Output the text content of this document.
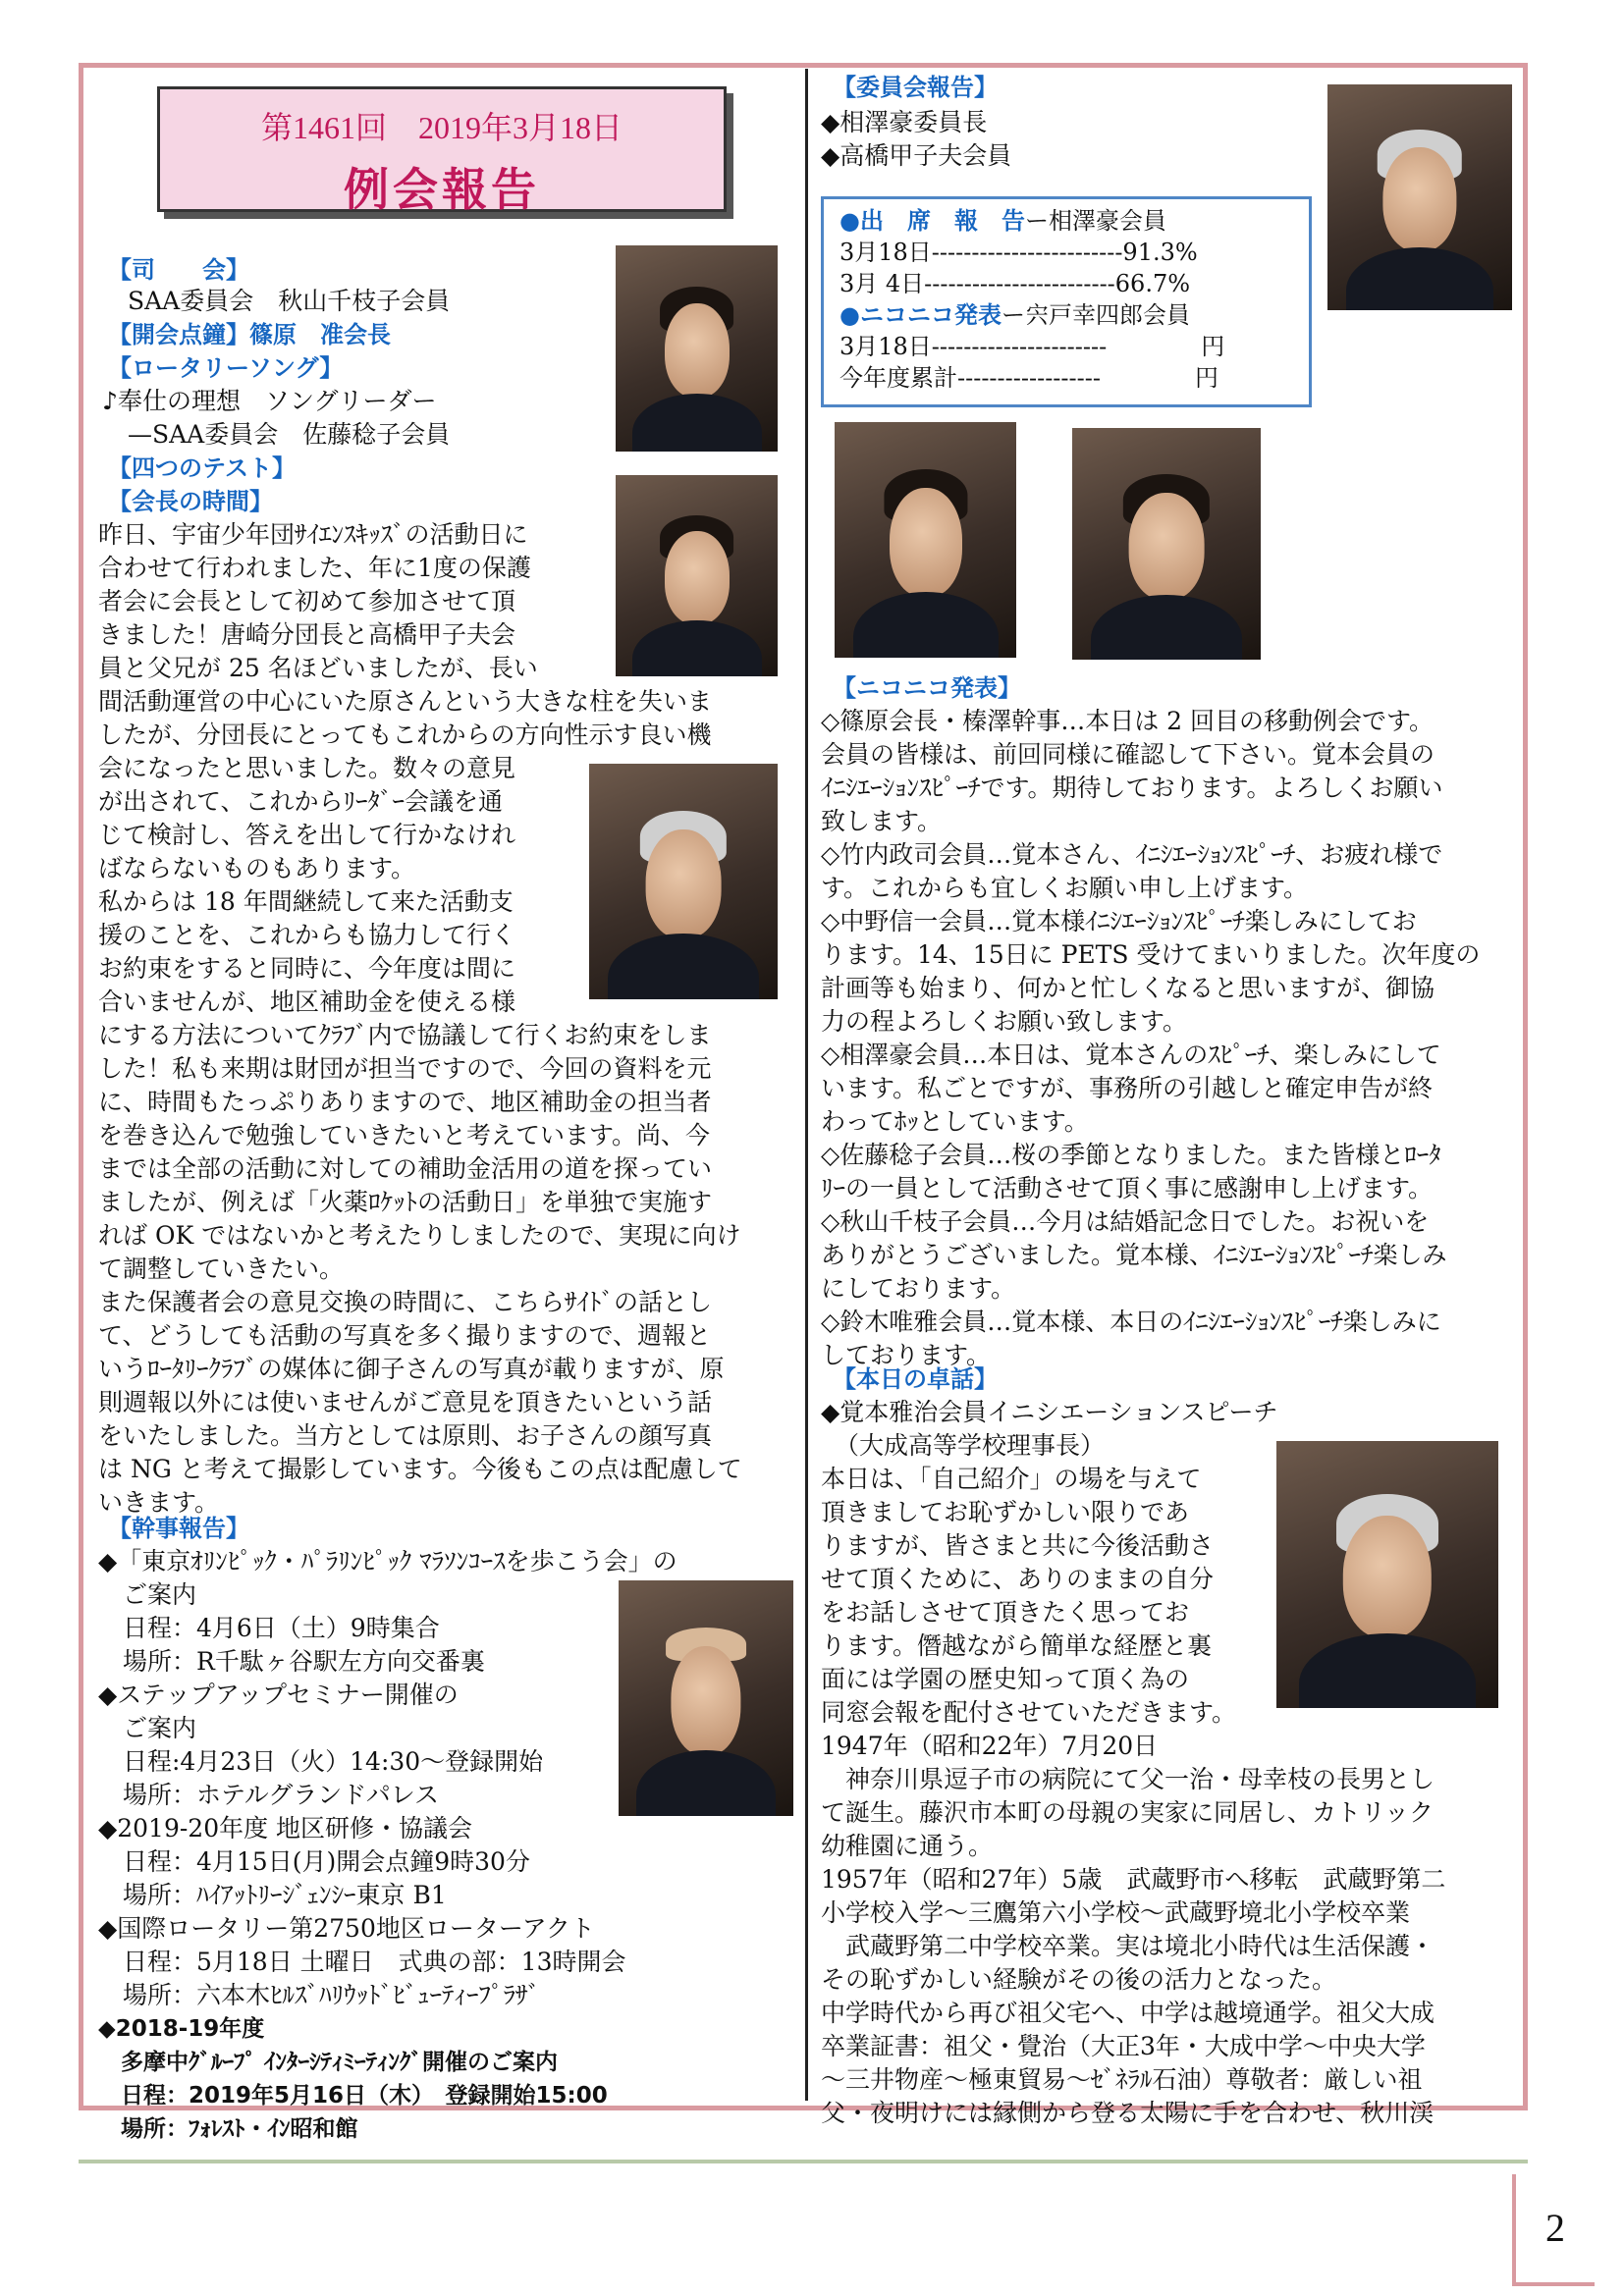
第1461回　2019年3月18日
例会報告
【司　　会】
SAA委員会　秋山千枝子会員
【開会点鐘】篠原　准会長
【ロータリーソング】
♪奉仕の理想　ソングリーダー
—SAA委員会　佐藤稔子会員
【四つのテスト】
【会長の時間】
昨日、宇宙少年団ｻｲｴﾝｽｷｯｽﾞの活動日に
合わせて行われました、年に1度の保護
者会に会長として初めて参加させて頂
きました！唐崎分団長と高橋甲子夫会
員と父兄が 25 名ほどいましたが、長い
間活動運営の中心にいた原さんという大きな柱を失いま
したが、分団長にとってもこれからの方向性示す良い機
会になったと思いました。数々の意見
が出されて、これからﾘｰﾀﾞｰ会議を通
じて検討し、答えを出して行かなけれ
ばならないものもあります。
私からは 18 年間継続して来た活動支
援のことを、これからも協力して行く
お約束をすると同時に、今年度は間に
合いませんが、地区補助金を使える様
にする方法についてｸﾗﾌﾞ内で協議して行くお約束をしま
した！私も来期は財団が担当ですので、今回の資料を元
に、時間もたっぷりありますので、地区補助金の担当者
を巻き込んで勉強していきたいと考えています。尚、今
までは全部の活動に対しての補助金活用の道を探ってい
ましたが、例えば「火薬ﾛｹｯﾄの活動日」を単独で実施す
れば OK ではないかと考えたりしましたので、実現に向け
て調整していきたい。
また保護者会の意見交換の時間に、こちらｻｲﾄﾞの話とし
て、どうしても活動の写真を多く撮りますので、週報と
いうﾛｰﾀﾘｰｸﾗﾌﾞの媒体に御子さんの写真が載りますが、原
則週報以外には使いませんがご意見を頂きたいという話
をいたしました。当方としては原則、お子さんの顔写真
は NG と考えて撮影しています。今後もこの点は配慮して
いきます。
【幹事報告】
◆「東京ｵﾘﾝﾋﾟｯｸ・ﾊﾟﾗﾘﾝﾋﾟｯｸ ﾏﾗｿﾝｺｰｽを歩こう会」の
　ご案内
　日程：4月6日（土）9時集合
　場所：R千駄ヶ谷駅左方向交番裏
◆ステップアップセミナー開催の
　ご案内
　日程:4月23日（火）14:30～登録開始
　場所：ホテルグランドパレス
◆2019-20年度 地区研修・協議会
　日程：4月15日(月)開会点鐘9時30分
　場所：ﾊｲｱｯﾄﾘｰｼﾞｪﾝｼｰ東京 B1
◆国際ロータリー第2750地区ローターアクト
　日程：5月18日 土曜日　式典の部：13時開会
　場所：六本木ﾋﾙｽﾞﾊﾘｳｯﾄﾞﾋﾞｭｰﾃｨｰﾌﾟﾗｻﾞ
◆2018-19年度
　多摩中ｸﾞﾙｰﾌﾟ ｲﾝﾀｰｼﾃｨﾐｰﾃｨﾝｸﾞ開催のご案内
　日程：2019年5月16日（木）　登録開始15:00
　場所：ﾌｫﾚｽﾄ・ｲﾝ昭和館
【委員会報告】
◆相澤豪委員長
◆高橋甲子夫会員
●出　席　報　告ー相澤豪会員
3月18日------------------------91.3%
3月 4日------------------------66.7%
●ニコニコ発表ー宍戸幸四郎会員
3月18日----------------------　　　　円
今年度累計------------------　　　　円
【ニコニコ発表】
◇篠原会長・榛澤幹事…本日は 2 回目の移動例会です。
会員の皆様は、前回同様に確認して下さい。覚本会員の
ｲﾆｼｴｰｼｮﾝｽﾋﾟｰﾁです。期待しております。よろしくお願い
致します。
◇竹内政司会員…覚本さん、ｲﾆｼｴｰｼｮﾝｽﾋﾟｰﾁ、お疲れ様で
す。これからも宜しくお願い申し上げます。
◇中野信一会員…覚本様ｲﾆｼｴｰｼｮﾝｽﾋﾟｰﾁ楽しみにしてお
ります。14、15日に PETS 受けてまいりました。次年度の
計画等も始まり、何かと忙しくなると思いますが、御協
力の程よろしくお願い致します。
◇相澤豪会員…本日は、覚本さんのｽﾋﾟｰﾁ、楽しみにして
います。私ごとですが、事務所の引越しと確定申告が終
わってﾎｯとしています。
◇佐藤稔子会員…桜の季節となりました。また皆様とﾛｰﾀ
ﾘｰの一員として活動させて頂く事に感謝申し上げます。
◇秋山千枝子会員…今月は結婚記念日でした。お祝いを
ありがとうございました。覚本様、ｲﾆｼｴｰｼｮﾝｽﾋﾟｰﾁ楽しみ
にしております。
◇鈴木唯雅会員…覚本様、本日のｲﾆｼｴｰｼｮﾝｽﾋﾟｰﾁ楽しみに
しております。
【本日の卓話】
◆覚本雅治会員イニシエーションスピーチ
（大成高等学校理事長）
本日は、「自己紹介」の場を与えて
頂きましてお恥ずかしい限りであ
りますが、皆さまと共に今後活動さ
せて頂くために、ありのままの自分
をお話しさせて頂きたく思ってお
ります。僭越ながら簡単な経歴と裏
面には学園の歴史知って頂く為の
同窓会報を配付させていただきます。
1947年（昭和22年）7月20日
　神奈川県逗子市の病院にて父一治・母幸枝の長男とし
て誕生。藤沢市本町の母親の実家に同居し、カトリック
幼稚園に通う。
1957年（昭和27年）5歳　武蔵野市へ移転　武蔵野第二
小学校入学～三鷹第六小学校～武蔵野境北小学校卒業
　武蔵野第二中学校卒業。実は境北小時代は生活保護・
その恥ずかしい経験がその後の活力となった。
中学時代から再び祖父宅へ、中学は越境通学。祖父大成
卒業証書：祖父・覺治（大正3年・大成中学～中央大学
～三井物産～極東貿易～ｾﾞﾈﾗﾙ石油）尊敬者：厳しい祖
父・夜明けには縁側から登る太陽に手を合わせ、秋川渓
2
